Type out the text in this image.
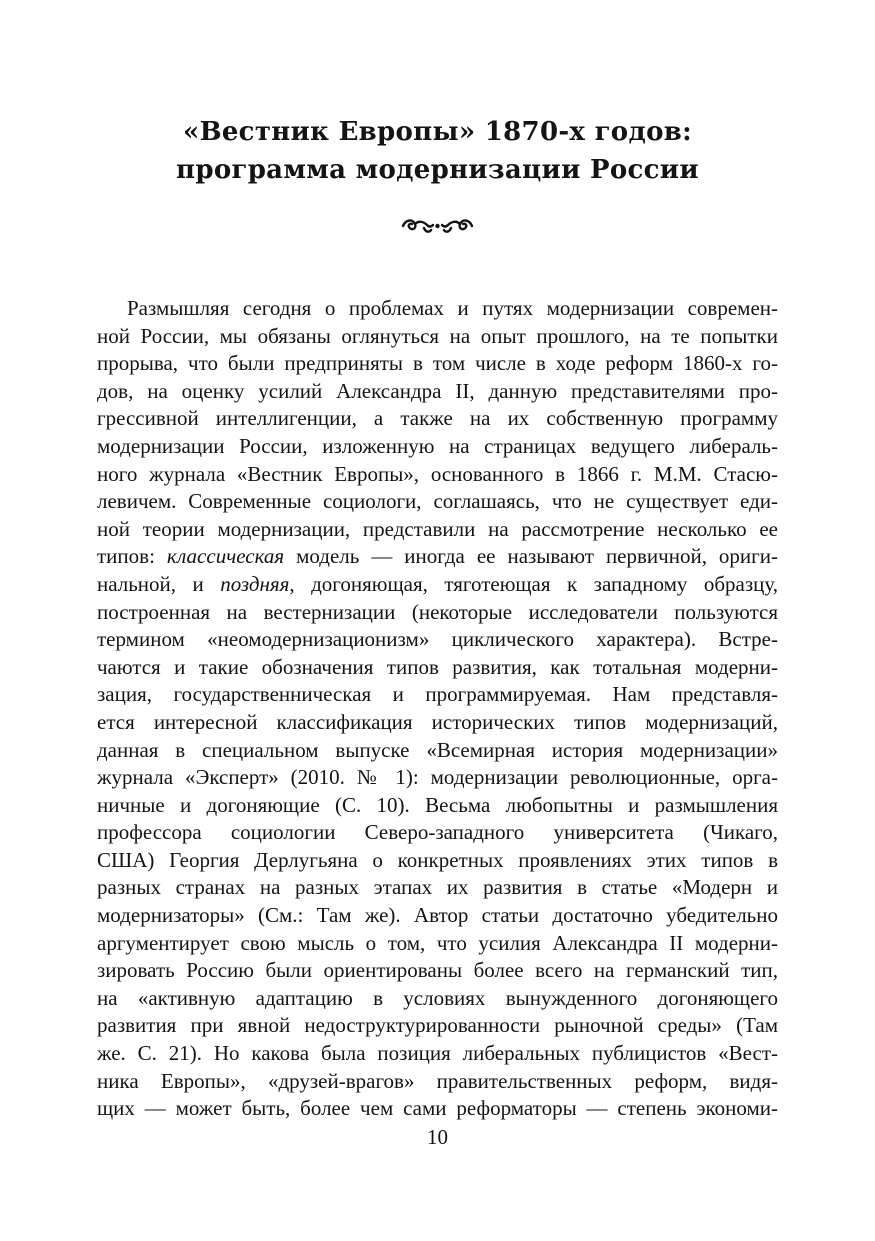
«Вестник Европы» 1870-х годов:
программа модернизации России
Размышляя сегодня о проблемах и путях модернизации современ-
ной России, мы обязаны оглянуться на опыт прошлого, на те попытки
прорыва, что были предприняты в том числе в ходе реформ 1860-х го-
дов, на оценку усилий Александра II, данную представителями про-
грессивной интеллигенции, а также на их собственную программу
модернизации России, изложенную на страницах ведущего либераль-
ного журнала «Вестник Европы», основанного в 1866 г. М.М. Стасю-
левичем. Современные социологи, соглашаясь, что не существует еди-
ной теории модернизации, представили на рассмотрение несколько ее
типов: классическая модель — иногда ее называют первичной, ориги-
нальной, и поздняя, догоняющая, тяготеющая к западному образцу,
построенная на вестернизации (некоторые исследователи пользуются
термином «неомодернизационизм» циклического характера). Встре-
чаются и такие обозначения типов развития, как тотальная модерни-
зация, государственническая и программируемая. Нам представля-
ется интересной классификация исторических типов модернизаций,
данная в специальном выпуске «Всемирная история модернизации»
журнала «Эксперт» (2010. № 1): модернизации революционные, орга-
ничные и догоняющие (С. 10). Весьма любопытны и размышления
профессора социологии Северо-западного университета (Чикаго,
США) Георгия Дерлугьяна о конкретных проявлениях этих типов в
разных странах на разных этапах их развития в статье «Модерн и
модернизаторы» (См.: Там же). Автор статьи достаточно убедительно
аргументирует свою мысль о том, что усилия Александра II модерни-
зировать Россию были ориентированы более всего на германский тип,
на «активную адаптацию в условиях вынужденного догоняющего
развития при явной недоструктурированности рыночной среды» (Там
же. С. 21). Но какова была позиция либеральных публицистов «Вест-
ника Европы», «друзей-врагов» правительственных реформ, видя-
щих — может быть, более чем сами реформаторы — степень экономи-
10
